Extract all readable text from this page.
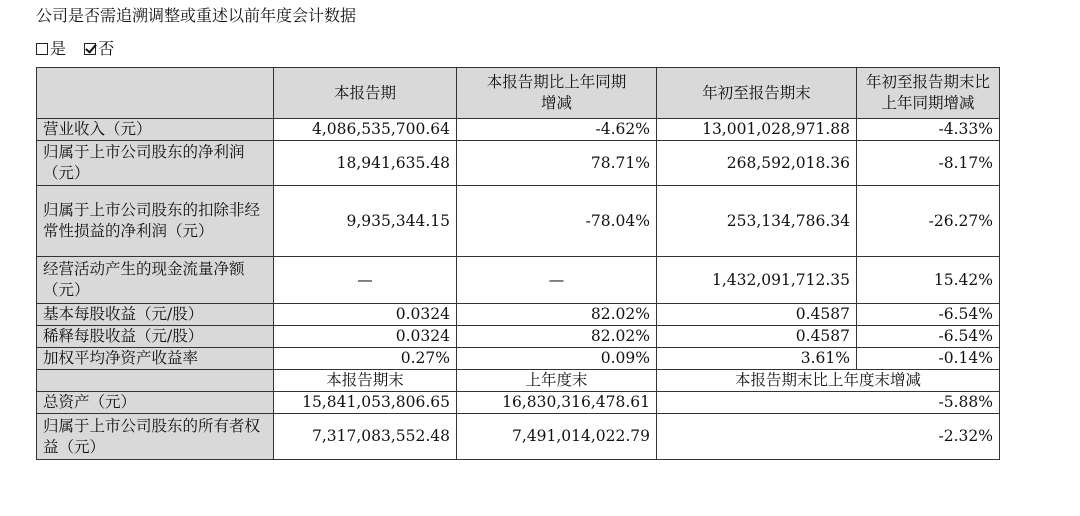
公司是否需追溯调整或重述以前年度会计数据
是 否
	本报告期	本报告期比上年同期增减	年初至报告期末	年初至报告期末比上年同期增减

营业收入（元）	4,086,535,700.64	-4.62%	13,001,028,971.88	-4.33%
归属于上市公司股东的净利润（元）	18,941,635.48	78.71%	268,592,018.36	-8.17%
归属于上市公司股东的扣除非经常性损益的净利润（元）	9,935,344.15	-78.04%	253,134,786.34	-26.27%
经营活动产生的现金流量净额（元）	—	—	1,432,091,712.35	15.42%
基本每股收益（元/股）	0.0324	82.02%	0.4587	-6.54%
稀释每股收益（元/股）	0.0324	82.02%	0.4587	-6.54%
加权平均净资产收益率	0.27%	0.09%	3.61%	-0.14%
	本报告期末	上年度末	本报告期末比上年度末增减	
总资产（元）	15,841,053,806.65	16,830,316,478.61	-5.88%	
归属于上市公司股东的所有者权益（元）	7,317,083,552.48	7,491,014,022.79	-2.32%	
